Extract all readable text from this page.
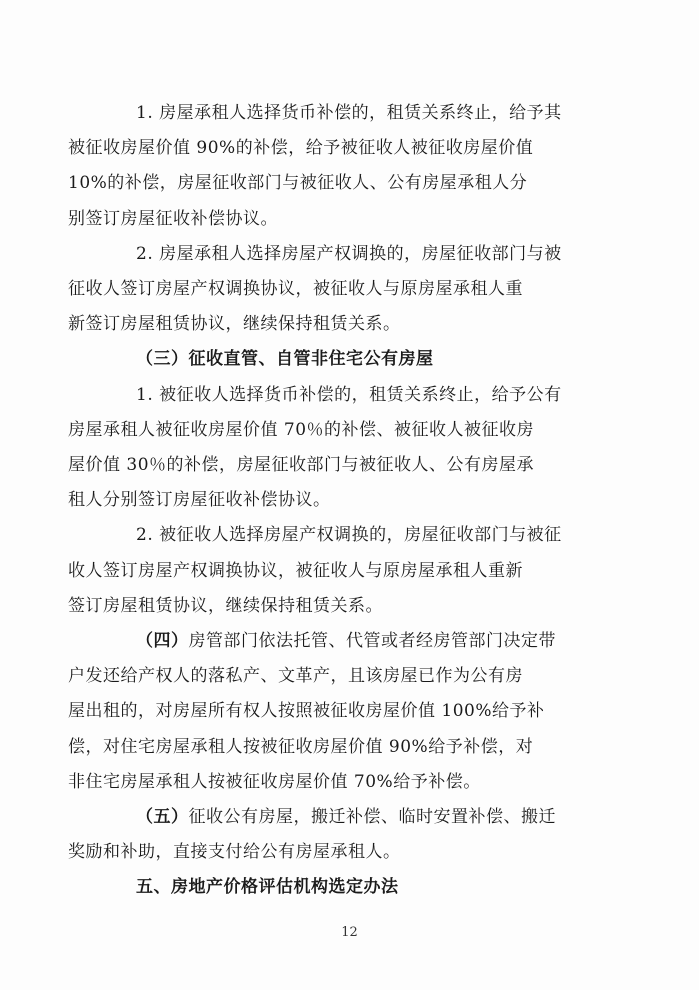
1. 房屋承租人选择货币补偿的，租赁关系终止，给予其
被征收房屋价值 90%的补偿，给予被征收人被征收房屋价值
10%的补偿，房屋征收部门与被征收人、公有房屋承租人分
别签订房屋征收补偿协议。

2. 房屋承租人选择房屋产权调换的，房屋征收部门与被
征收人签订房屋产权调换协议，被征收人与原房屋承租人重
新签订房屋租赁协议，继续保持租赁关系。

（三）征收直管、自管非住宅公有房屋

1. 被征收人选择货币补偿的，租赁关系终止，给予公有
房屋承租人被征收房屋价值 70％的补偿、被征收人被征收房
屋价值 30％的补偿，房屋征收部门与被征收人、公有房屋承
租人分别签订房屋征收补偿协议。

2. 被征收人选择房屋产权调换的，房屋征收部门与被征
收人签订房屋产权调换协议，被征收人与原房屋承租人重新
签订房屋租赁协议，继续保持租赁关系。

（四）房管部门依法托管、代管或者经房管部门决定带
户发还给产权人的落私产、文革产，且该房屋已作为公有房
屋出租的，对房屋所有权人按照被征收房屋价值 100%给予补
偿，对住宅房屋承租人按被征收房屋价值 90%给予补偿，对
非住宅房屋承租人按被征收房屋价值 70%给予补偿。

（五）征收公有房屋，搬迁补偿、临时安置补偿、搬迁
奖励和补助，直接支付给公有房屋承租人。

五、房地产价格评估机构选定办法

12
